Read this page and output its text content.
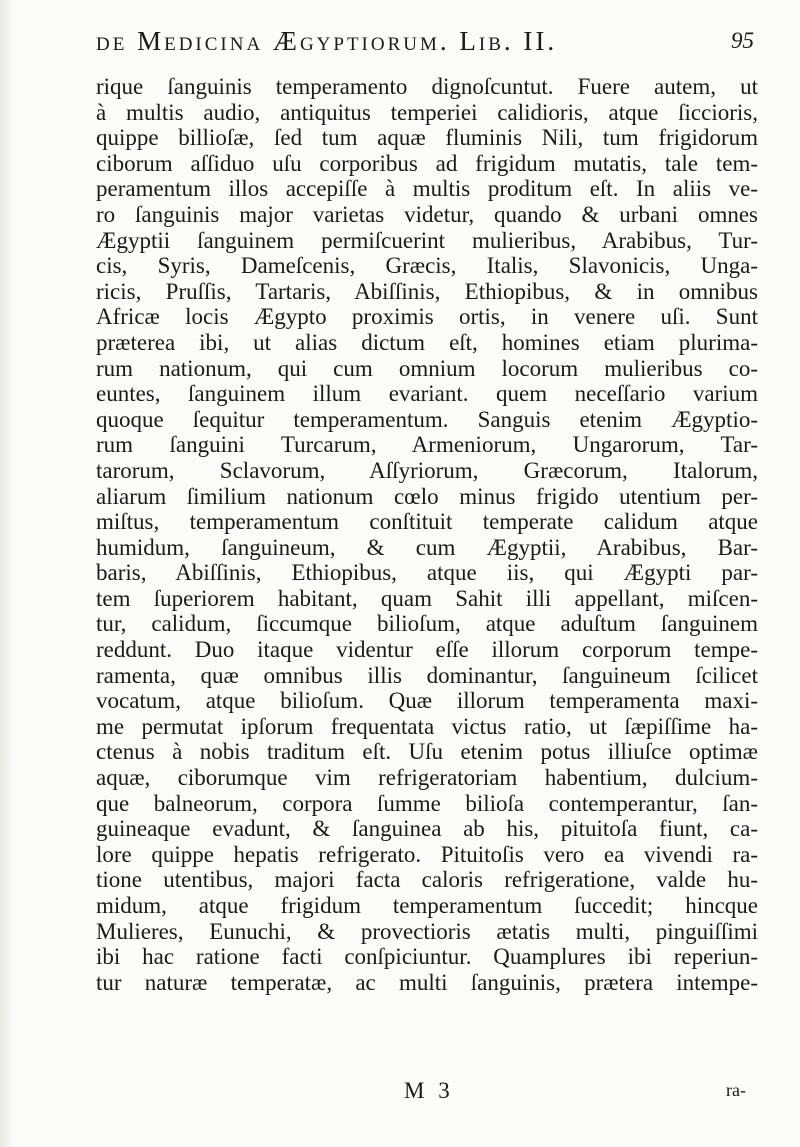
de Medicina Ægyptiorum. Lib. II.	95
rique ſanguinis temperamento dignoſcuntut. Fuere autem, ut
à multis audio, antiquitus temperiei calidioris, atque ſiccioris,
quippe billioſæ, ſed tum aquæ fluminis Nili, tum frigidorum
ciborum aſſiduo uſu corporibus ad frigidum mutatis, tale tem-
peramentum illos accepiſſe à multis proditum eſt. In aliis ve-
ro ſanguinis major varietas videtur, quando & urbani omnes
Ægyptii ſanguinem permiſcuerint mulieribus, Arabibus, Tur-
cis, Syris, Dameſcenis, Græcis, Italis, Slavonicis, Unga-
ricis, Pruſſis, Tartaris, Abiſſinis, Ethiopibus, & in omnibus
Africæ locis Ægypto proximis ortis, in venere uſi. Sunt
præterea ibi, ut alias dictum eſt, homines etiam plurima-
rum nationum, qui cum omnium locorum mulieribus co-
euntes, ſanguinem illum evariant. quem neceſſario varium
quoque ſequitur temperamentum. Sanguis etenim Ægyptio-
rum ſanguini Turcarum, Armeniorum, Ungarorum, Tar-
tarorum, Sclavorum, Aſſyriorum, Græcorum, Italorum,
aliarum ſimilium nationum cœlo minus frigido utentium per-
miſtus, temperamentum conſtituit temperate calidum atque
humidum, ſanguineum, & cum Ægyptii, Arabibus, Bar-
baris, Abiſſinis, Ethiopibus, atque iis, qui Ægypti par-
tem ſuperiorem habitant, quam Sahit illi appellant, miſcen-
tur, calidum, ſiccumque bilioſum, atque aduſtum ſanguinem
reddunt. Duo itaque videntur eſſe illorum corporum tempe-
ramenta, quæ omnibus illis dominantur, ſanguineum ſcilicet
vocatum, atque bilioſum. Quæ illorum temperamenta maxi-
me permutat ipſorum frequentata victus ratio, ut ſæpiſſime ha-
ctenus à nobis traditum eſt. Uſu etenim potus illiuſce optimæ
aquæ, ciborumque vim refrigeratoriam habentium, dulcium-
que balneorum, corpora ſumme bilioſa contemperantur, ſan-
guineaque evadunt, & ſanguinea ab his, pituitoſa fiunt, ca-
lore quippe hepatis refrigerato. Pituitoſis vero ea vivendi ra-
tione utentibus, majori facta caloris refrigeratione, valde hu-
midum, atque frigidum temperamentum ſuccedit; hincque
Mulieres, Eunuchi, & provectioris ætatis multi, pinguiſſimi
ibi hac ratione facti conſpiciuntur. Quamplures ibi reperiun-
tur naturæ temperatæ, ac multi ſanguinis, prætera intempe-
M 3	ra-
